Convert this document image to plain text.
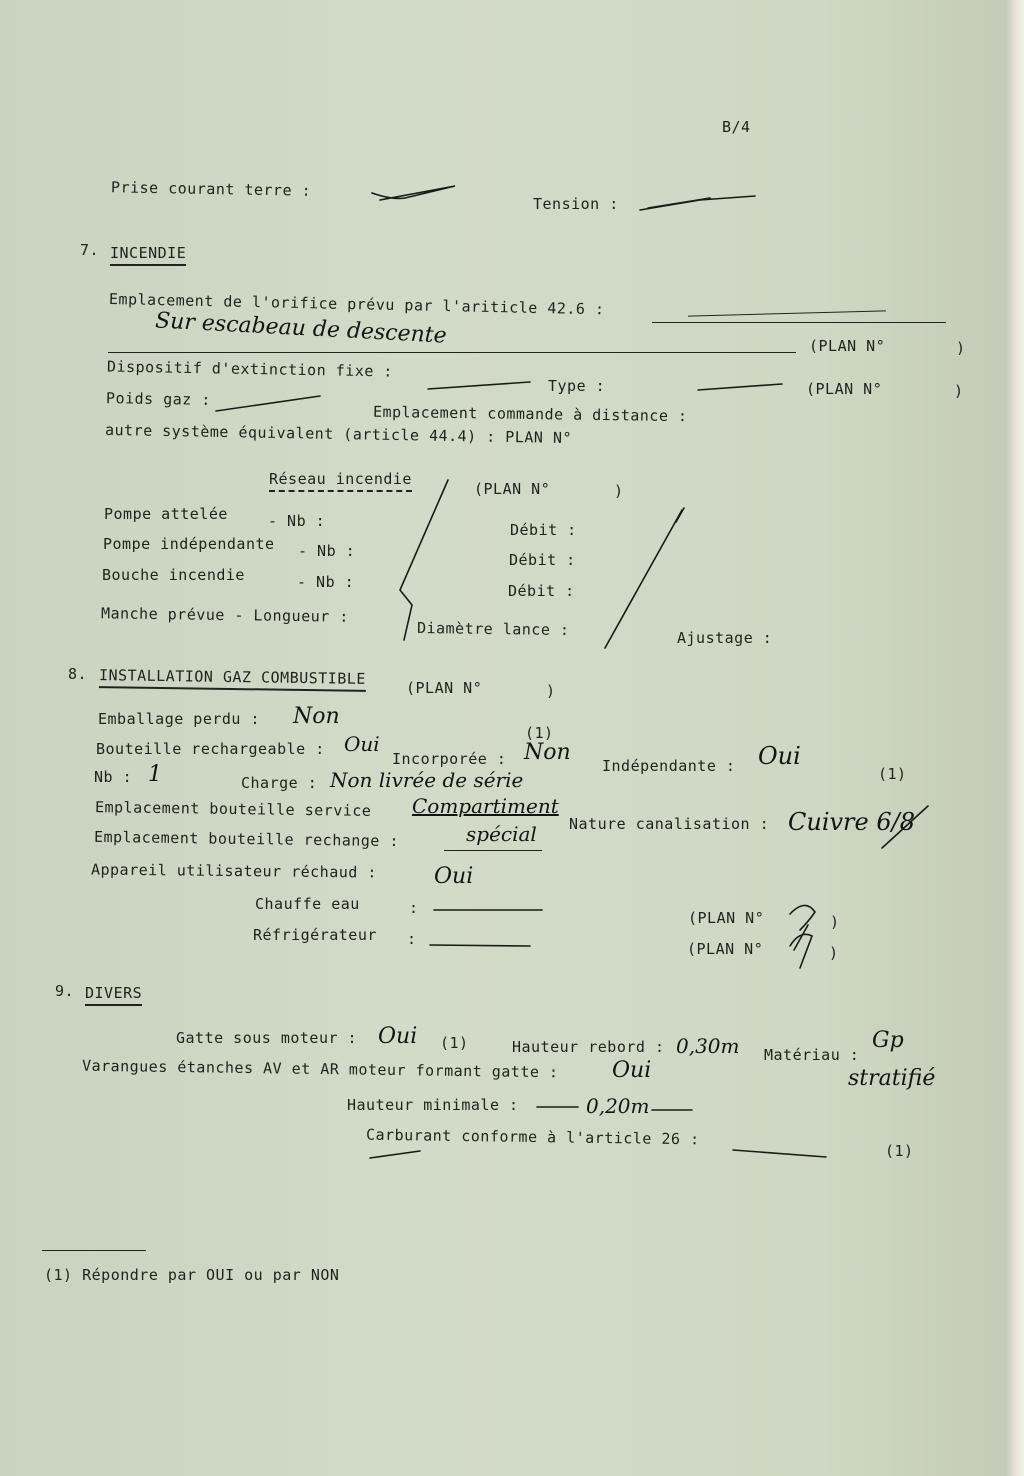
B/4
Prise courant terre :
Tension :
7. INCENDIE
Emplacement de l'orifice prévu par l'ariticle 42.6 :
Sur escabeau de descente	(PLAN N°	)
Dispositif d'extinction fixe :
Type :	(PLAN N°	)
Poids gaz :
Emplacement commande à distance :
autre système équivalent (article 44.4) : PLAN N°
Réseau incendie
(PLAN N°	)
Pompe attelée	- Nb :	Débit :
Pompe indépendante - Nb :	Débit :
Bouche incendie	- Nb :	Débit :
Manche prévue - Longueur :
Diamètre lance :	Ajustage :
8. INSTALLATION GAZ COMBUSTIBLE
(PLAN N°	)
Emballage perdu : Non
(1)
Bouteille rechargeable : Oui
Incorporée : Non
Indépendante : Oui
(1)
Nb : 1	Charge : Non livrée de série
Emplacement bouteille service Compartiment
Nature canalisation : Cuivre 6/8
Emplacement bouteille rechange :	spécial
Appareil utilisateur réchaud :	Oui
Chauffe eau	:
(PLAN N°	)
Réfrigérateur :
(PLAN N°	)
9. DIVERS
Gatte sous moteur : Oui (1)	Hauteur rebord : 0,30m Matériau :
Gp
stratifié
Varangues étanches AV et AR moteur formant gatte : Oui
Hauteur minimale :	0,20m
Carburant conforme à l'article 26 :
(1)
(1) Répondre par OUI ou par NON
